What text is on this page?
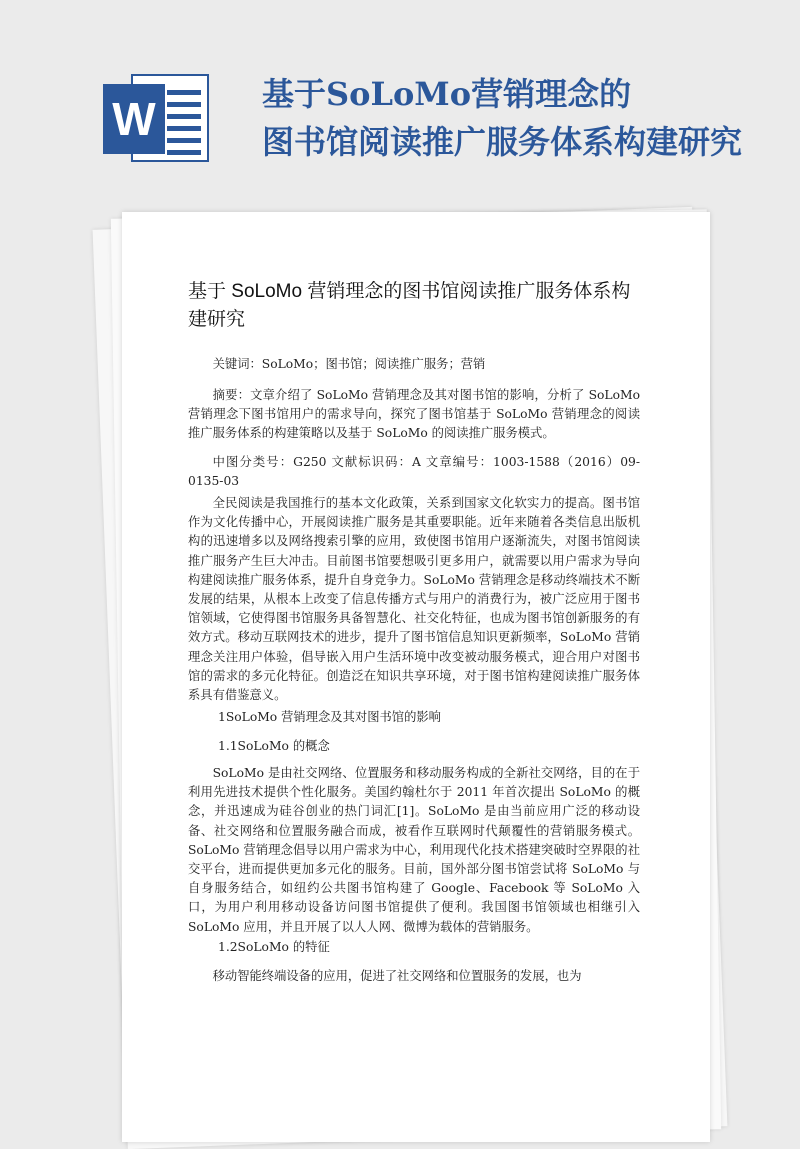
W	基于SoLoMo营销理念的
图书馆阅读推广服务体系构建研究
基于 SoLoMo 营销理念的图书馆阅读推广服务体系构建研究

关键词：SoLoMo；图书馆；阅读推广服务；营销

摘要：文章介绍了 SoLoMo 营销理念及其对图书馆的影响，分析了 SoLoMo 营销理念下图书馆用户的需求导向，探究了图书馆基于 SoLoMo 营销理念的阅读推广服务体系的构建策略以及基于 SoLoMo 的阅读推广服务模式。

中图分类号：G250 文献标识码：A 文章编号：1003-1588（2016）09-0135-03

全民阅读是我国推行的基本文化政策，关系到国家文化软实力的提高。图书馆作为文化传播中心，开展阅读推广服务是其重要职能。近年来随着各类信息出版机构的迅速增多以及网络搜索引擎的应用，致使图书馆用户逐渐流失，对图书馆阅读推广服务产生巨大冲击。目前图书馆要想吸引更多用户，就需要以用户需求为导向构建阅读推广服务体系，提升自身竞争力。SoLoMo 营销理念是移动终端技术不断发展的结果，从根本上改变了信息传播方式与用户的消费行为，被广泛应用于图书馆领域，它使得图书馆服务具备智慧化、社交化特征，也成为图书馆创新服务的有效方式。移动互联网技术的进步，提升了图书馆信息知识更新频率，SoLoMo 营销理念关注用户体验，倡导嵌入用户生活环境中改变被动服务模式，迎合用户对图书馆的需求的多元化特征。创造泛在知识共享环境，对于图书馆构建阅读推广服务体系具有借鉴意义。

1SoLoMo 营销理念及其对图书馆的影响

1.1SoLoMo 的概念

SoLoMo 是由社交网络、位置服务和移动服务构成的全新社交网络，目的在于利用先进技术提供个性化服务。美国约翰杜尔于 2011 年首次提出 SoLoMo 的概念，并迅速成为硅谷创业的热门词汇[1]。SoLoMo 是由当前应用广泛的移动设备、社交网络和位置服务融合而成，被看作互联网时代颠覆性的营销服务模式。SoLoMo 营销理念倡导以用户需求为中心，利用现代化技术搭建突破时空界限的社交平台，进而提供更加多元化的服务。目前，国外部分图书馆尝试将 SoLoMo 与自身服务结合，如纽约公共图书馆构建了 Google、Facebook 等 SoLoMo 入口，为用户利用移动设备访问图书馆提供了便利。我国图书馆领域也相继引入 SoLoMo 应用，并且开展了以人人网、微博为载体的营销服务。

1.2SoLoMo 的特征

移动智能终端设备的应用，促进了社交网络和位置服务的发展，也为
